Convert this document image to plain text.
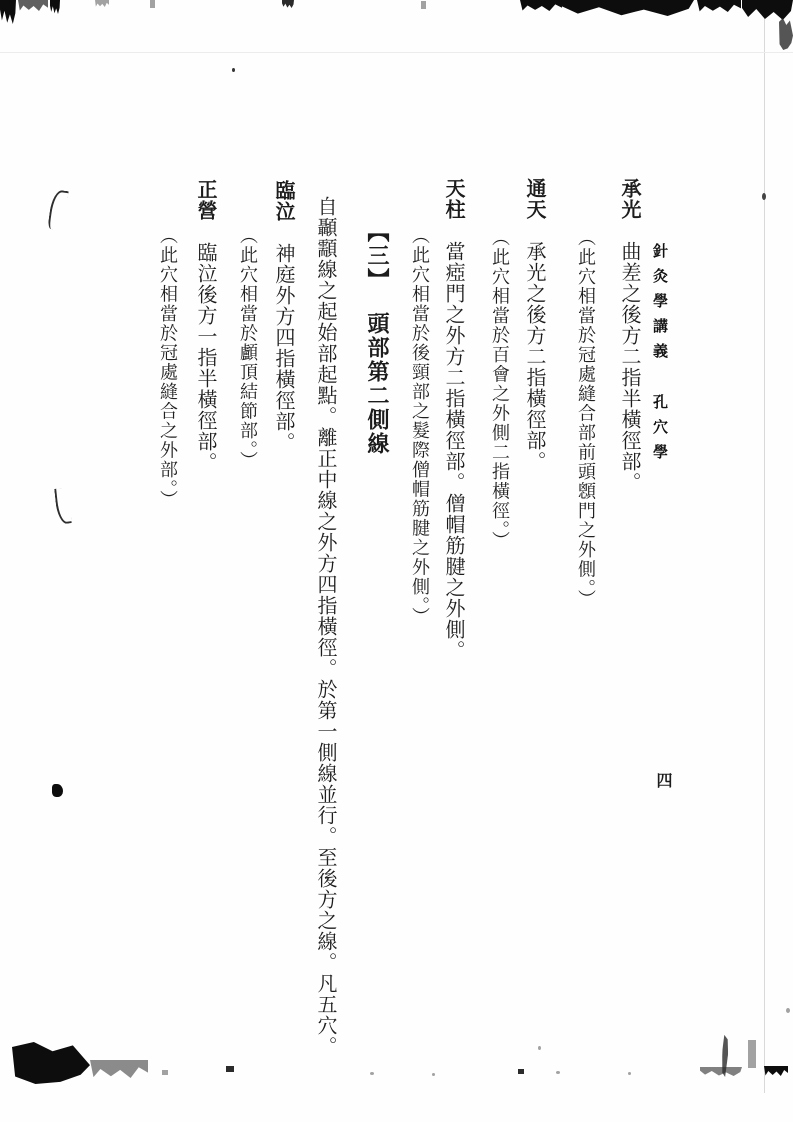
針灸學講義孔穴學
四
承光曲差之後方二指半橫徑部。
（此穴相當於冠處縫合部前頭顖門之外側。）
通天承光之後方二指橫徑部。
（此穴相當於百會之外側二指橫徑。）
天柱當瘂門之外方二指橫徑部。僧帽筋腱之外側。
（此穴相當於後頸部之髮際僧帽筋腱之外側。）
【三】頭部第二側線
自顳顬線之起始部起點。離正中線之外方四指橫徑。於第一側線並行。至後方之線。凡五穴。
臨泣神庭外方四指橫徑部。
（此穴相當於顱頂結節部。）
正營臨泣後方一指半橫徑部。
（此穴相當於冠處縫合之外部。）
